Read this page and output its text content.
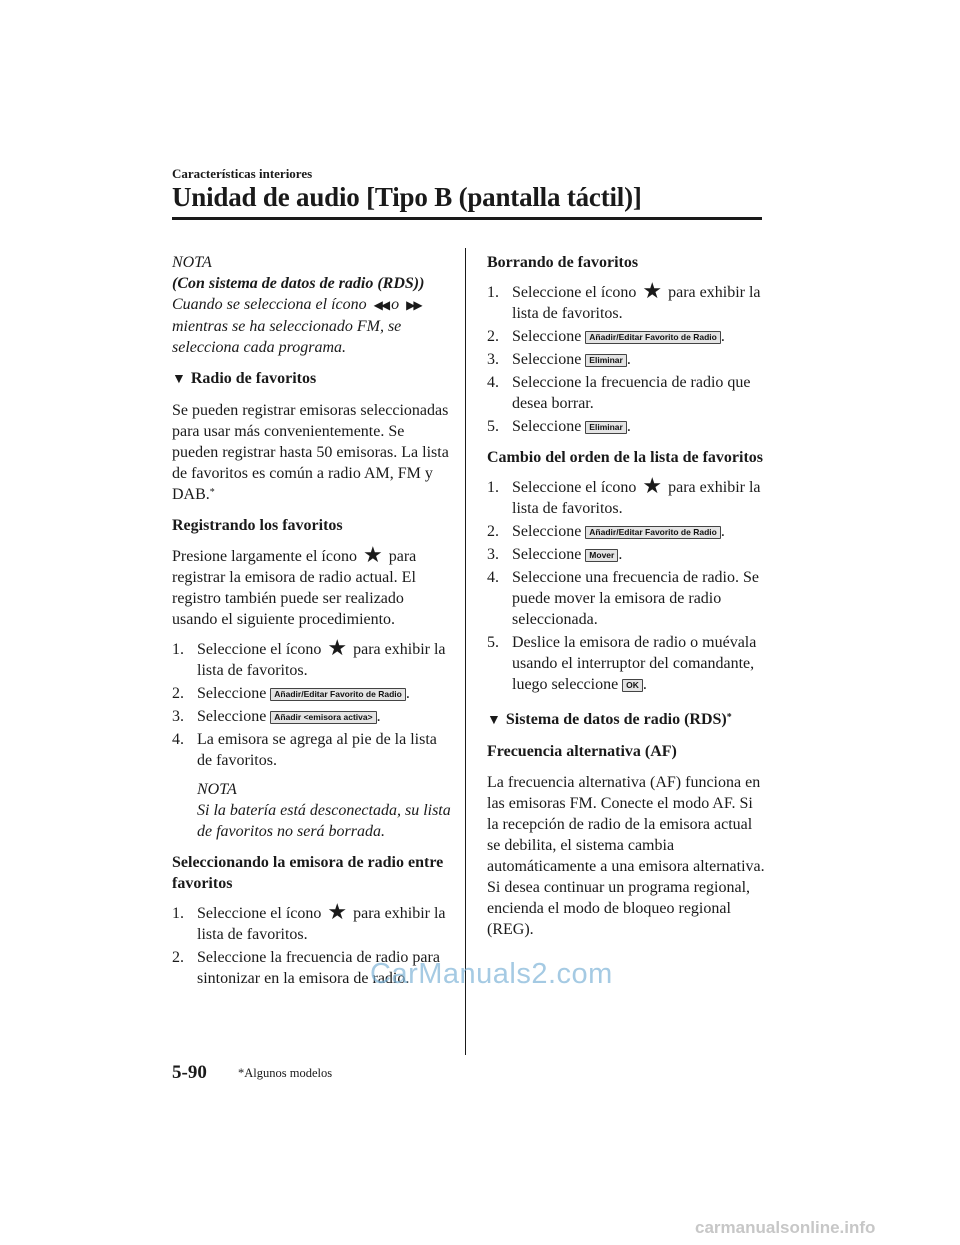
Características interiores
Unidad de audio [Tipo B (pantalla táctil)]

NOTA

(Con sistema de datos de radio (RDS))

Cuando se selecciona el ícono ◀◀ o ▶▶ mientras se ha seleccionado FM, se selecciona cada programa.

▼ Radio de favoritos

Se pueden registrar emisoras seleccionadas para usar más convenientemente. Se pueden registrar hasta 50 emisoras. La lista de favoritos es común a radio AM, FM y DAB.*

Registrando los favoritos

Presione largamente el ícono ★ para registrar la emisora de radio actual. El registro también puede ser realizado usando el siguiente procedimiento.

1. Seleccione el ícono ★ para exhibir la lista de favoritos.
2. Seleccione Añadir/Editar Favorito de Radio .
3. Seleccione Añadir <emisora activa> .
4. La emisora se agrega al pie de la lista de favoritos.

NOTA

Si la batería está desconectada, su lista de favoritos no será borrada.

Seleccionando la emisora de radio entre favoritos

1. Seleccione el ícono ★ para exhibir la lista de favoritos.
2. Seleccione la frecuencia de radio para sintonizar en la emisora de radio.

Borrando de favoritos

1. Seleccione el ícono ★ para exhibir la lista de favoritos.
2. Seleccione Añadir/Editar Favorito de Radio .
3. Seleccione Eliminar .
4. Seleccione la frecuencia de radio que desea borrar.
5. Seleccione Eliminar .

Cambio del orden de la lista de favoritos

1. Seleccione el ícono ★ para exhibir la lista de favoritos.
2. Seleccione Añadir/Editar Favorito de Radio .
3. Seleccione Mover .
4. Seleccione una frecuencia de radio. Se puede mover la emisora de radio seleccionada.
5. Deslice la emisora de radio o muévala usando el interruptor del comandante, luego seleccione OK .

▼ Sistema de datos de radio (RDS)*

Frecuencia alternativa (AF)

La frecuencia alternativa (AF) funciona en las emisoras FM. Conecte el modo AF. Si la recepción de radio de la emisora actual se debilita, el sistema cambia automáticamente a una emisora alternativa.

Si desea continuar un programa regional, encienda el modo de bloqueo regional (REG).

CarManuals2.com
5-90 *Algunos modelos
carmanualsonline.info
